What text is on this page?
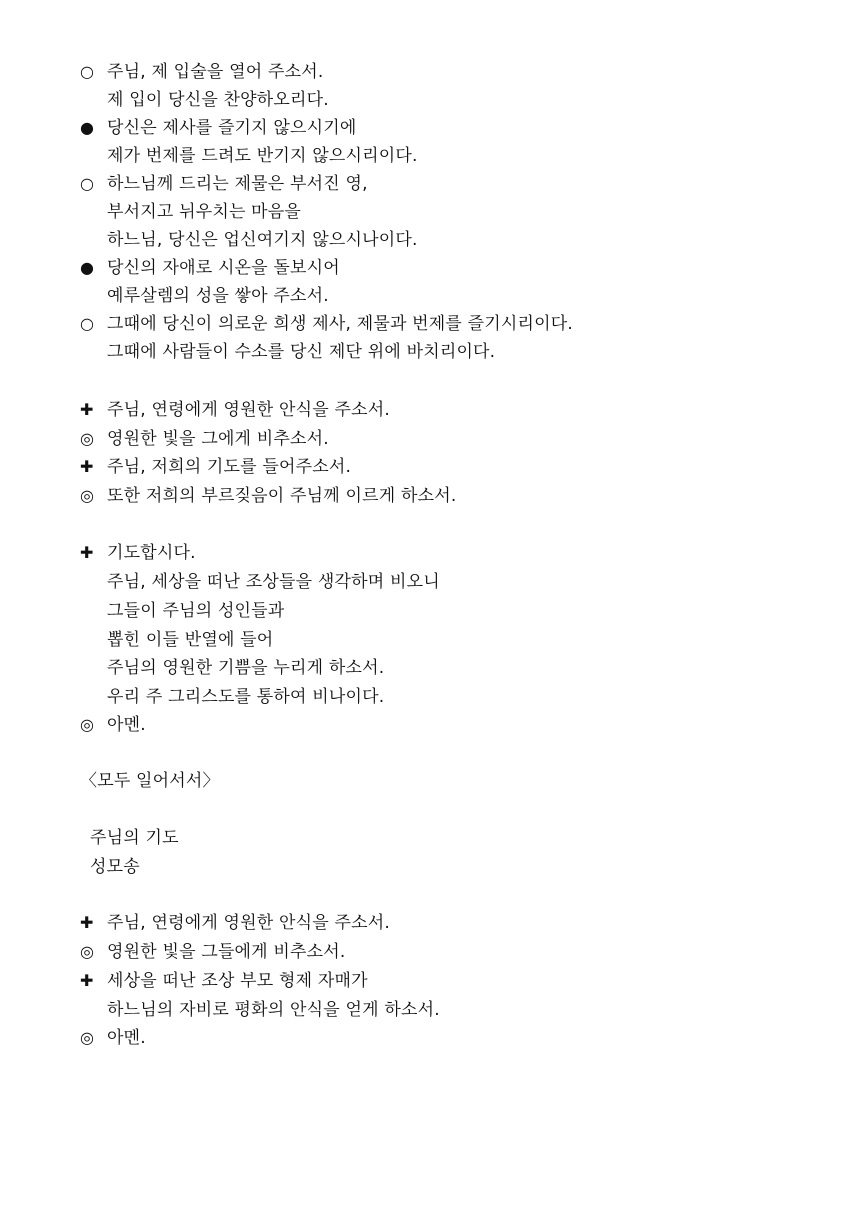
○ 주님, 제 입술을 열어 주소서.
제 입이 당신을 찬양하오리다.
● 당신은 제사를 즐기지 않으시기에
제가 번제를 드려도 반기지 않으시리이다.
○ 하느님께 드리는 제물은 부서진 영,
부서지고 뉘우치는 마음을
하느님, 당신은 업신여기지 않으시나이다.
● 당신의 자애로 시온을 돌보시어
예루살렘의 성을 쌓아 주소서.
○ 그때에 당신이 의로운 희생 제사, 제물과 번제를 즐기시리이다.
그때에 사람들이 수소를 당신 제단 위에 바치리이다.
✚ 주님, 연령에게 영원한 안식을 주소서.
◎ 영원한 빛을 그에게 비추소서.
✚ 주님, 저희의 기도를 들어주소서.
◎ 또한 저희의 부르짖음이 주님께 이르게 하소서.
✚ 기도합시다.
주님, 세상을 떠난 조상들을 생각하며 비오니
그들이 주님의 성인들과
뽑힌 이들 반열에 들어
주님의 영원한 기쁨을 누리게 하소서.
우리 주 그리스도를 통하여 비나이다.
◎ 아멘.
〈모두 일어서서〉
주님의 기도
성모송
✚ 주님, 연령에게 영원한 안식을 주소서.
◎ 영원한 빛을 그들에게 비추소서.
✚ 세상을 떠난 조상 부모 형제 자매가
하느님의 자비로 평화의 안식을 얻게 하소서.
◎ 아멘.
